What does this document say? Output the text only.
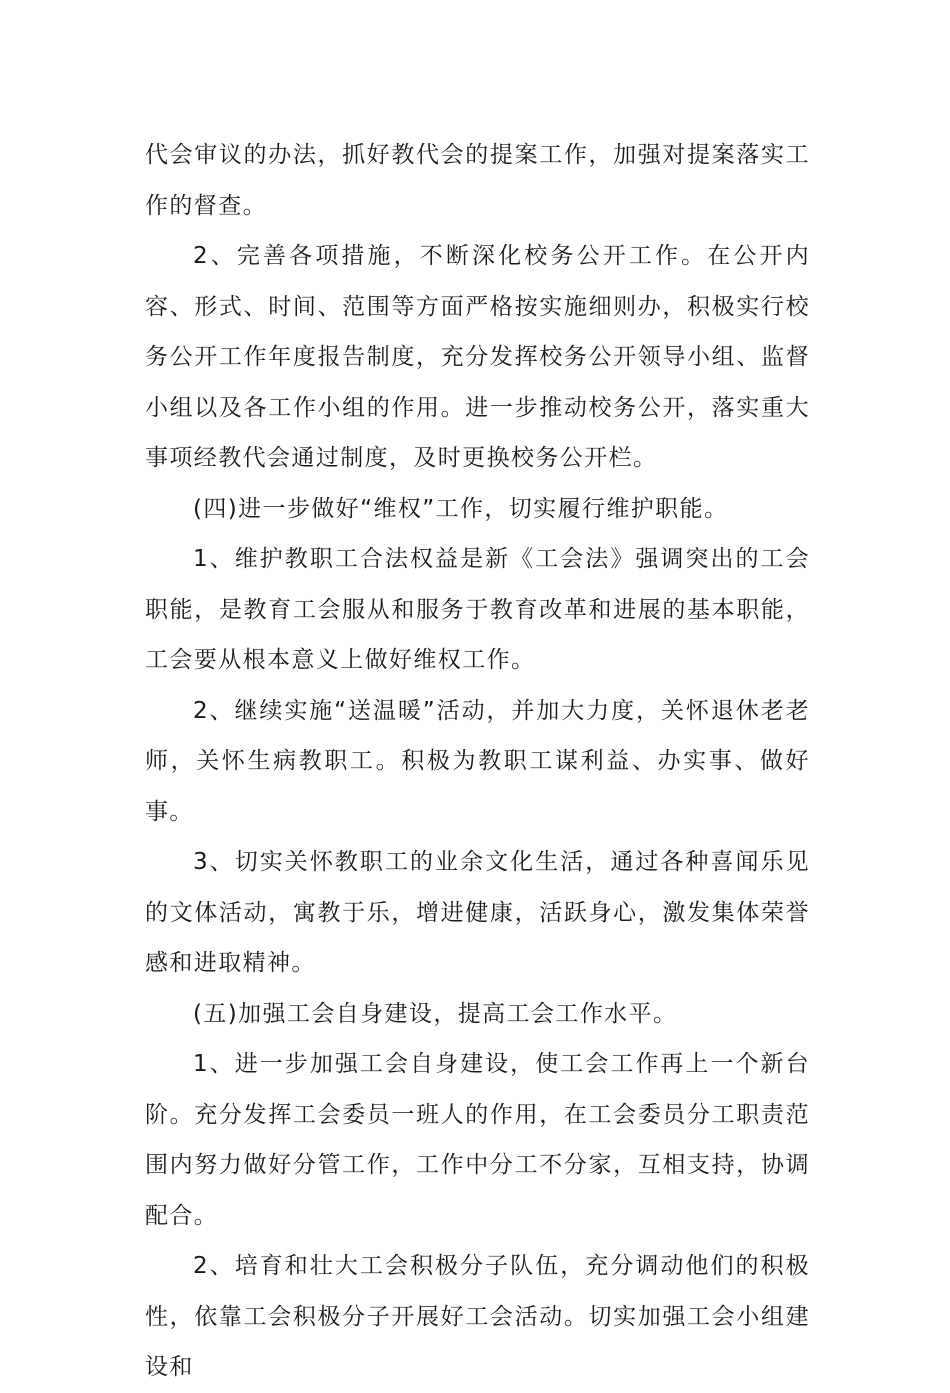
代会审议的办法，抓好教代会的提案工作，加强对提案落实工作的督查。

2、完善各项措施，不断深化校务公开工作。在公开内容、形式、时间、范围等方面严格按实施细则办，积极实行校务公开工作年度报告制度，充分发挥校务公开领导小组、监督小组以及各工作小组的作用。进一步推动校务公开，落实重大事项经教代会通过制度，及时更换校务公开栏。

(四)进一步做好“维权”工作，切实履行维护职能。

1、维护教职工合法权益是新《工会法》强调突出的工会职能，是教育工会服从和服务于教育改革和进展的基本职能，工会要从根本意义上做好维权工作。

2、继续实施“送温暖”活动，并加大力度，关怀退休老老师，关怀生病教职工。积极为教职工谋利益、办实事、做好事。

3、切实关怀教职工的业余文化生活，通过各种喜闻乐见的文体活动，寓教于乐，增进健康，活跃身心，激发集体荣誉感和进取精神。

(五)加强工会自身建设，提高工会工作水平。

1、进一步加强工会自身建设，使工会工作再上一个新台阶。充分发挥工会委员一班人的作用，在工会委员分工职责范围内努力做好分管工作，工作中分工不分家，互相支持，协调配合。

2、培育和壮大工会积极分子队伍，充分调动他们的积极性，依靠工会积极分子开展好工会活动。切实加强工会小组建设和
